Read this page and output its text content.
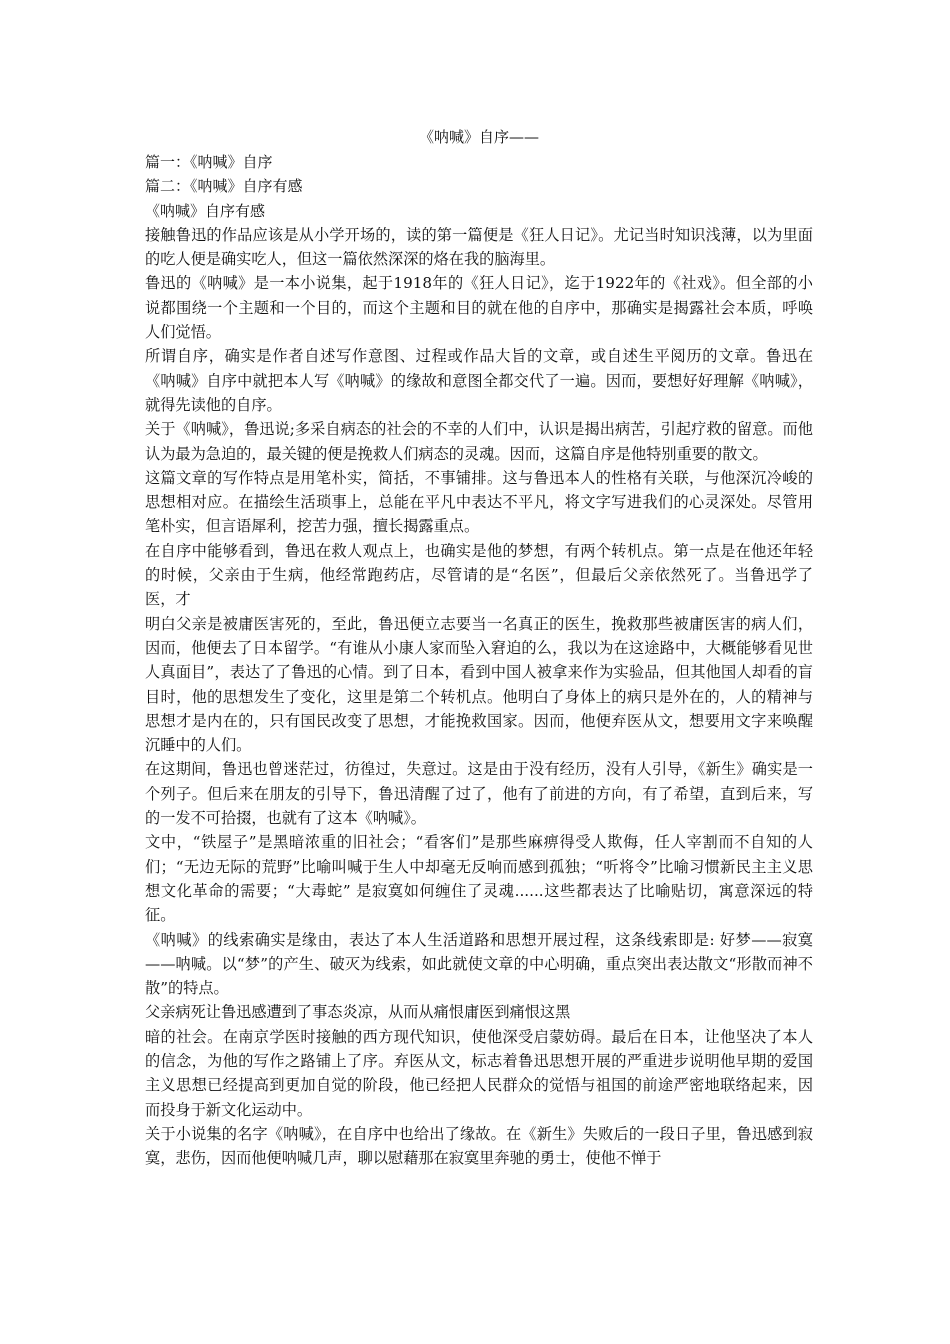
《呐喊》自序——

篇一：《呐喊》自序

篇二：《呐喊》自序有感

《呐喊》自序有感

接触鲁迅的作品应该是从小学开场的，读的第一篇便是《狂人日记》。尤记当时知识浅薄，以为里面的吃人便是确实吃人，但这一篇依然深深的烙在我的脑海里。

鲁迅的《呐喊》是一本小说集，起于1918年的《狂人日记》，迄于1922年的《社戏》。但全部的小说都围绕一个主题和一个目的，而这个主题和目的就在他的自序中，那确实是揭露社会本质，呼唤人们觉悟。

所谓自序，确实是作者自述写作意图、过程或作品大旨的文章，或自述生平阅历的文章。鲁迅在《呐喊》自序中就把本人写《呐喊》的缘故和意图全都交代了一遍。因而，要想好好理解《呐喊》，就得先读他的自序。

关于《呐喊》，鲁迅说;多采自病态的社会的不幸的人们中，认识是揭出病苦，引起疗救的留意。而他认为最为急迫的，最关键的便是挽救人们病态的灵魂。因而，这篇自序是他特别重要的散文。

这篇文章的写作特点是用笔朴实，简括，不事铺排。这与鲁迅本人的性格有关联，与他深沉冷峻的思想相对应。在描绘生活琐事上，总能在平凡中表达不平凡，将文字写进我们的心灵深处。尽管用笔朴实，但言语犀利，挖苦力强，擅长揭露重点。

在自序中能够看到，鲁迅在救人观点上，也确实是他的梦想，有两个转机点。第一点是在他还年轻的时候，父亲由于生病，他经常跑药店，尽管请的是“名医”，但最后父亲依然死了。当鲁迅学了医，才

明白父亲是被庸医害死的，至此，鲁迅便立志要当一名真正的医生，挽救那些被庸医害的病人们，因而，他便去了日本留学。“有谁从小康人家而坠入窘迫的么，我以为在这途路中，大概能够看见世人真面目”，表达了了鲁迅的心情。到了日本，看到中国人被拿来作为实验品，但其他国人却看的盲目时，他的思想发生了变化，这里是第二个转机点。他明白了身体上的病只是外在的，人的精神与思想才是内在的，只有国民改变了思想，才能挽救国家。因而，他便弃医从文，想要用文字来唤醒沉睡中的人们。

在这期间，鲁迅也曾迷茫过，彷徨过，失意过。这是由于没有经历，没有人引导，《新生》确实是一个列子。但后来在朋友的引导下，鲁迅清醒了过了，他有了前进的方向，有了希望，直到后来，写的一发不可拾掇，也就有了这本《呐喊》。

文中，“铁屋子”是黑暗浓重的旧社会；“看客们”是那些麻痹得受人欺侮，任人宰割而不自知的人们；“无边无际的荒野”比喻叫喊于生人中却毫无反响而感到孤独；“听将令”比喻习惯新民主主义思想文化革命的需要；“大毒蛇” 是寂寞如何缠住了灵魂......这些都表达了比喻贴切，寓意深远的特征。

《呐喊》的线索确实是缘由，表达了本人生活道路和思想开展过程，这条线索即是: 好梦——寂寞——呐喊。以“梦”的产生、破灭为线索，如此就使文章的中心明确，重点突出表达散文“形散而神不散”的特点。

父亲病死让鲁迅感遭到了事态炎凉，从而从痛恨庸医到痛恨这黑

暗的社会。在南京学医时接触的西方现代知识，使他深受启蒙妨碍。最后在日本，让他坚决了本人的信念，为他的写作之路铺上了序。弃医从文，标志着鲁迅思想开展的严重进步说明他早期的爱国主义思想已经提高到更加自觉的阶段，他已经把人民群众的觉悟与祖国的前途严密地联络起来，因而投身于新文化运动中。

关于小说集的名字《呐喊》，在自序中也给出了缘故。在《新生》失败后的一段日子里，鲁迅感到寂寞，悲伤，因而他便呐喊几声，聊以慰藉那在寂寞里奔驰的勇士，使他不惮于
